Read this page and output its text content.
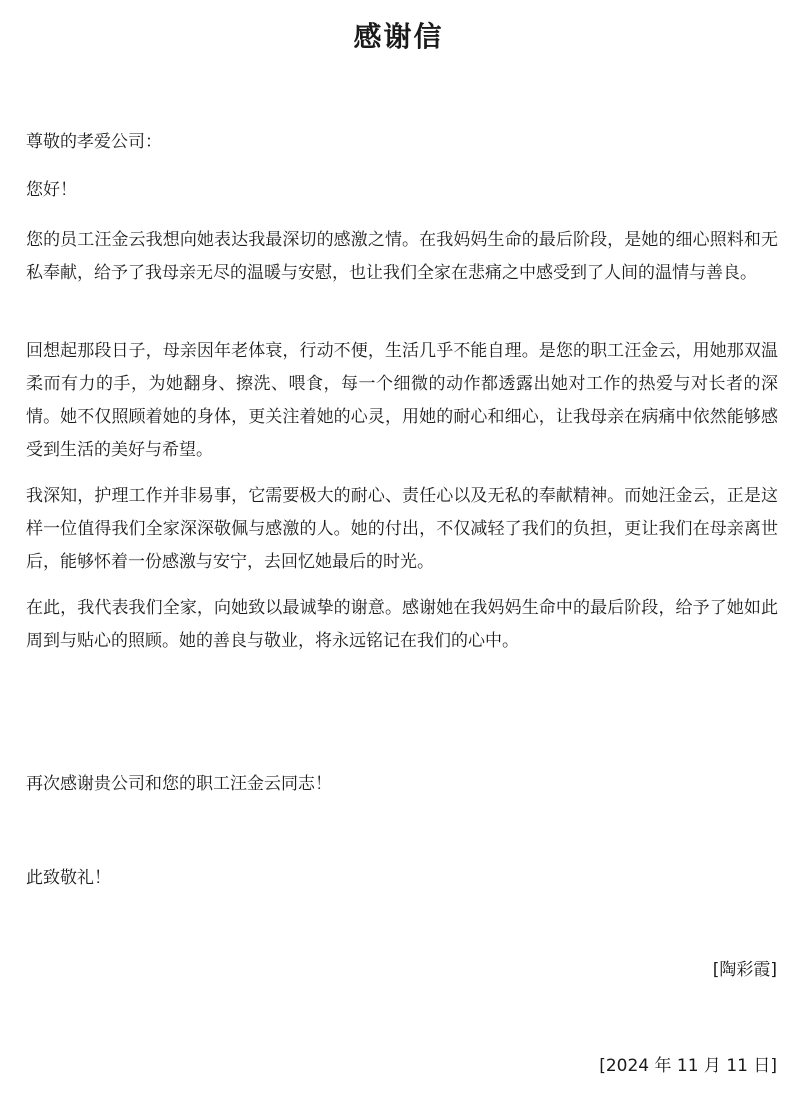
感谢信

尊敬的孝爱公司：

您好！

您的员工汪金云我想向她表达我最深切的感激之情。在我妈妈生命的最后阶段，是她的细心照料和无私奉献，给予了我母亲无尽的温暖与安慰，也让我们全家在悲痛之中感受到了人间的温情与善良。

回想起那段日子，母亲因年老体衰，行动不便，生活几乎不能自理。是您的职工汪金云，用她那双温柔而有力的手，为她翻身、擦洗、喂食，每一个细微的动作都透露出她对工作的热爱与对长者的深情。她不仅照顾着她的身体，更关注着她的心灵，用她的耐心和细心，让我母亲在病痛中依然能够感受到生活的美好与希望。

我深知，护理工作并非易事，它需要极大的耐心、责任心以及无私的奉献精神。而她汪金云，正是这样一位值得我们全家深深敬佩与感激的人。她的付出，不仅减轻了我们的负担，更让我们在母亲离世后，能够怀着一份感激与安宁，去回忆她最后的时光。

在此，我代表我们全家，向她致以最诚挚的谢意。感谢她在我妈妈生命中的最后阶段，给予了她如此周到与贴心的照顾。她的善良与敬业，将永远铭记在我们的心中。

再次感谢贵公司和您的职工汪金云同志！

此致敬礼！

[陶彩霞]
[2024 年 11 月 11 日]
